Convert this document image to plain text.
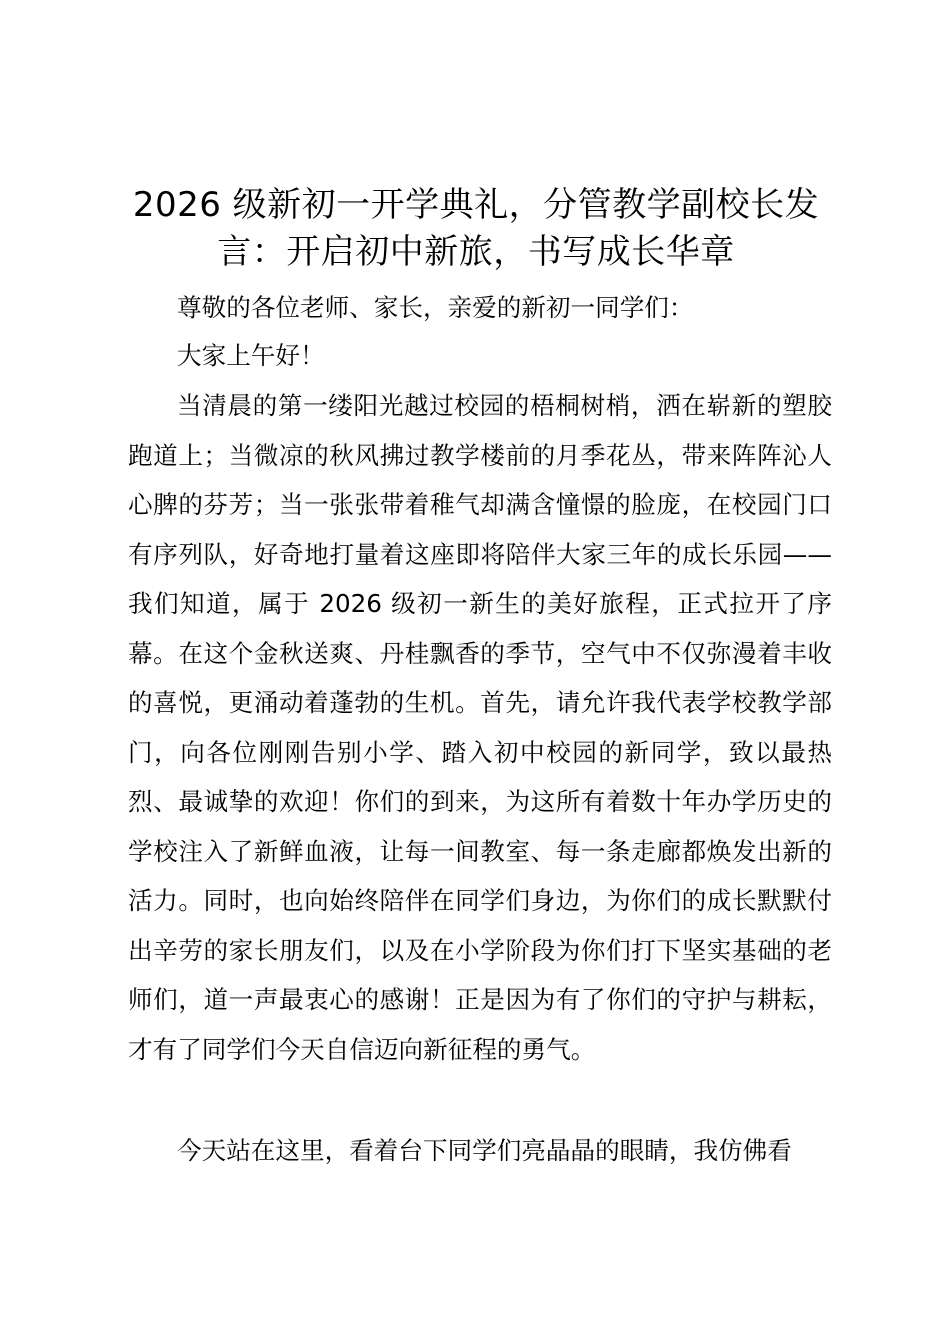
2026 级新初一开学典礼，分管教学副校长发言：开启初中新旅，书写成长华章

尊敬的各位老师、家长，亲爱的新初一同学们：

大家上午好！

当清晨的第一缕阳光越过校园的梧桐树梢，洒在崭新的塑胶跑道上；当微凉的秋风拂过教学楼前的月季花丛，带来阵阵沁人心脾的芬芳；当一张张带着稚气却满含憧憬的脸庞，在校园门口有序列队，好奇地打量着这座即将陪伴大家三年的成长乐园——我们知道，属于 2026 级初一新生的美好旅程，正式拉开了序幕。在这个金秋送爽、丹桂飘香的季节，空气中不仅弥漫着丰收的喜悦，更涌动着蓬勃的生机。首先，请允许我代表学校教学部门，向各位刚刚告别小学、踏入初中校园的新同学，致以最热烈、最诚挚的欢迎！你们的到来，为这所有着数十年办学历史的学校注入了新鲜血液，让每一间教室、每一条走廊都焕发出新的活力。同时，也向始终陪伴在同学们身边，为你们的成长默默付出辛劳的家长朋友们，以及在小学阶段为你们打下坚实基础的老师们，道一声最衷心的感谢！正是因为有了你们的守护与耕耘，才有了同学们今天自信迈向新征程的勇气。

今天站在这里，看着台下同学们亮晶晶的眼睛，我仿佛看
